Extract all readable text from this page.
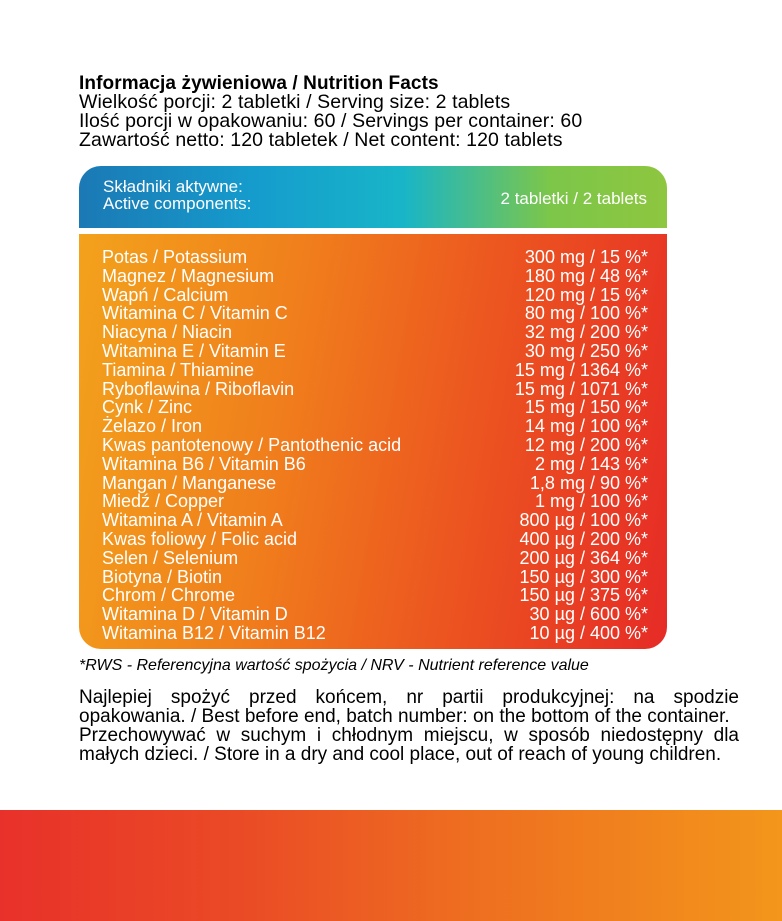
Informacja żywieniowa / Nutrition Facts
Wielkość porcji: 2 tabletki / Serving size: 2 tablets
Ilość porcji w opakowaniu: 60 / Servings per container: 60
Zawartość netto: 120 tabletek / Net content: 120 tablets
Składniki aktywne:
Active components:	2 tabletki / 2 tablets
Potas / Potassium	300 mg / 15 %*
Magnez / Magnesium	180 mg / 48 %*
Wapń / Calcium	120 mg / 15 %*
Witamina C / Vitamin C	80 mg / 100 %*
Niacyna / Niacin	32 mg / 200 %*
Witamina E / Vitamin E	30 mg / 250 %*
Tiamina / Thiamine	15 mg / 1364 %*
Ryboflawina / Riboflavin	15 mg / 1071 %*
Cynk / Zinc	15 mg / 150 %*
Żelazo / Iron	14 mg / 100 %*
Kwas pantotenowy / Pantothenic acid	12 mg / 200 %*
Witamina B6 / Vitamin B6	2 mg / 143 %*
Mangan / Manganese	1,8 mg / 90 %*
Miedź / Copper	1 mg / 100 %*
Witamina A / Vitamin A	800 µg / 100 %*
Kwas foliowy / Folic acid	400 µg / 200 %*
Selen / Selenium	200 µg / 364 %*
Biotyna / Biotin	150 µg / 300 %*
Chrom / Chrome	150 µg / 375 %*
Witamina D / Vitamin D	30 µg / 600 %*
Witamina B12 / Vitamin B12	10 µg / 400 %*
*RWS - Referencyjna wartość spożycia / NRV - Nutrient reference value

Najlepiej spożyć przed końcem, nr partii produkcyjnej: na spodzie opakowania. / Best before end, batch number: on the bottom of the container.

Przechowywać w suchym i chłodnym miejscu, w sposób niedostępny dla małych dzieci. / Store in a dry and cool place, out of reach of young children.
